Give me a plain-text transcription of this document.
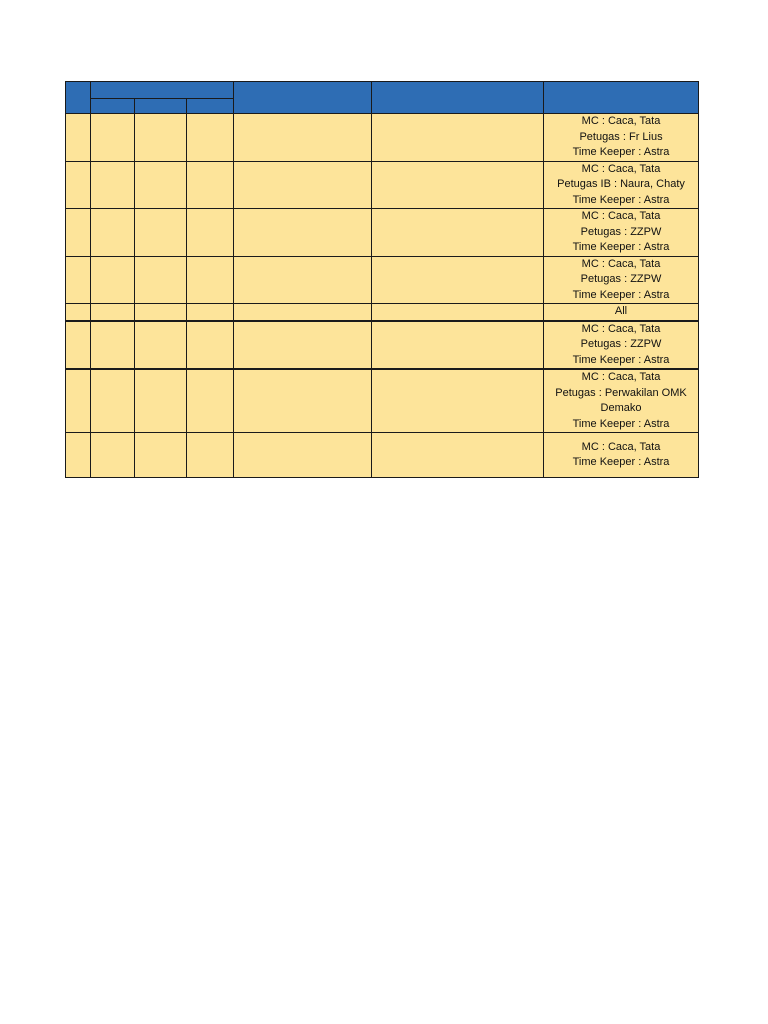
						MC : Caca, Tata
Petugas : Fr Lius
Time Keeper : Astra

						MC : Caca, Tata
Petugas IB : Naura, Chaty
Time Keeper : Astra

						MC : Caca, Tata
Petugas : ZZPW
Time Keeper : Astra

						MC : Caca, Tata
Petugas : ZZPW
Time Keeper : Astra

						All

						MC : Caca, Tata
Petugas : ZZPW
Time Keeper : Astra

						MC : Caca, Tata
Petugas : Perwakilan OMK
Demako
Time Keeper : Astra

						MC : Caca, Tata
Time Keeper : Astra
